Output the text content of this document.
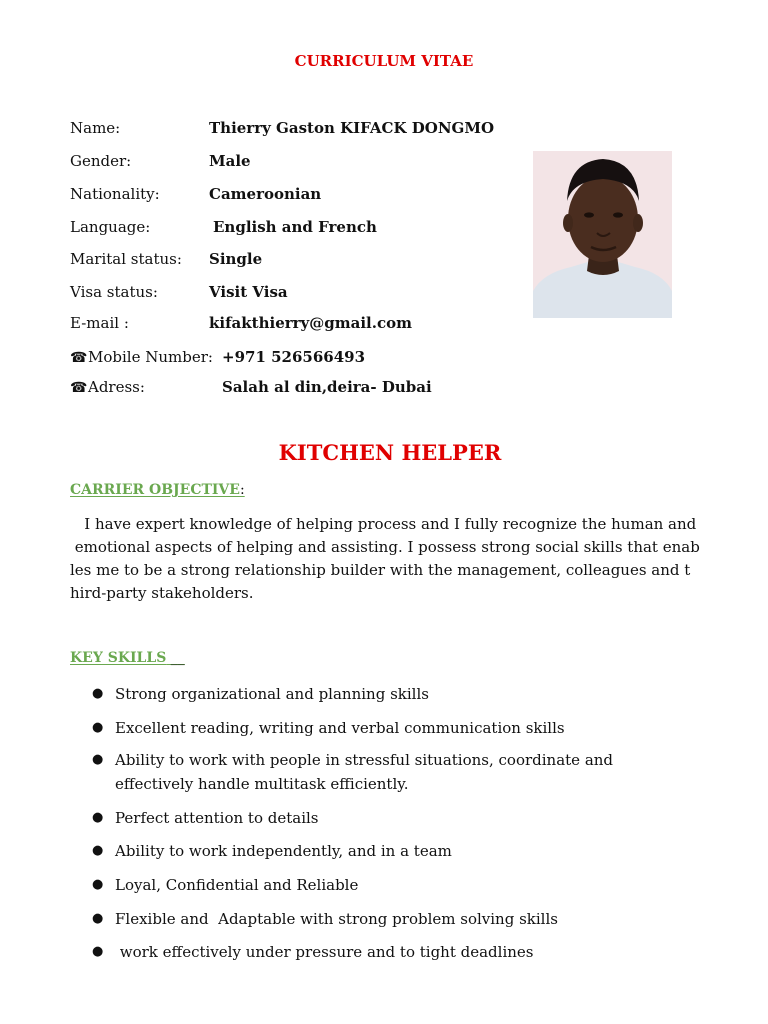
CURRICULUM VITAE
Name:	Thierry Gaston KIFACK DONGMO
Gender:	Male
Nationality:	Cameroonian
Language:	English and French
Marital status: Single
Visa status:	Visit Visa
E-mail :	kifakthierry@gmail.com
☎Mobile Number: +971 526566493
☎Adress:	Salah al din,deira- Dubai
KITCHEN HELPER
CARRIER OBJECTIVE:
I have expert knowledge of helping process and I fully recognize the human and
emotional aspects of helping and assisting. I possess strong social skills that enab
les me to be a strong relationship builder with the management, colleagues and t
hird-party stakeholders.
KEY SKILLS __
● Strong organizational and planning skills
● Excellent reading, writing and verbal communication skills
● Ability to work with people in stressful situations, coordinate and
effectively handle multitask efficiently.
● Perfect attention to details
● Ability to work independently, and in a team
● Loyal, Confidential and Reliable
● Flexible and  Adaptable with strong problem solving skills
● work effectively under pressure and to tight deadlines
